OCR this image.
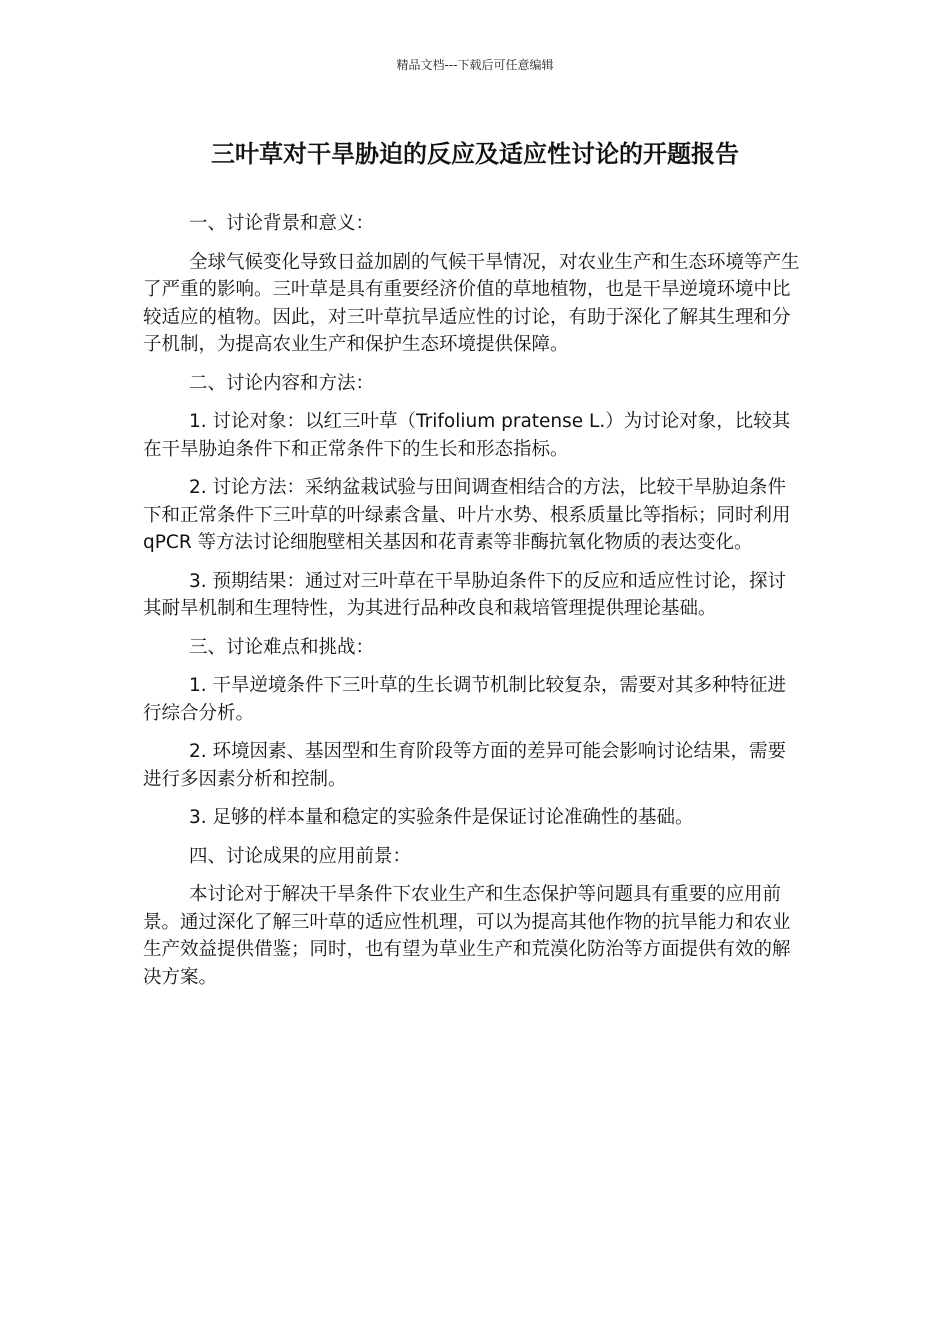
精品文档---下载后可任意编辑
三叶草对干旱胁迫的反应及适应性讨论的开题报告

一、讨论背景和意义：

全球气候变化导致日益加剧的气候干旱情况，对农业生产和生态环境等产生了严重的影响。三叶草是具有重要经济价值的草地植物，也是干旱逆境环境中比较适应的植物。因此，对三叶草抗旱适应性的讨论，有助于深化了解其生理和分子机制，为提高农业生产和保护生态环境提供保障。

二、讨论内容和方法：

1. 讨论对象：以红三叶草（Trifolium pratense L.）为讨论对象，比较其在干旱胁迫条件下和正常条件下的生长和形态指标。

2. 讨论方法：采纳盆栽试验与田间调查相结合的方法，比较干旱胁迫条件下和正常条件下三叶草的叶绿素含量、叶片水势、根系质量比等指标；同时利用 qPCR 等方法讨论细胞壁相关基因和花青素等非酶抗氧化物质的表达变化。

3. 预期结果：通过对三叶草在干旱胁迫条件下的反应和适应性讨论，探讨其耐旱机制和生理特性，为其进行品种改良和栽培管理提供理论基础。

三、讨论难点和挑战：

1. 干旱逆境条件下三叶草的生长调节机制比较复杂，需要对其多种特征进行综合分析。

2. 环境因素、基因型和生育阶段等方面的差异可能会影响讨论结果，需要进行多因素分析和控制。

3. 足够的样本量和稳定的实验条件是保证讨论准确性的基础。

四、讨论成果的应用前景：

本讨论对于解决干旱条件下农业生产和生态保护等问题具有重要的应用前景。通过深化了解三叶草的适应性机理，可以为提高其他作物的抗旱能力和农业生产效益提供借鉴；同时，也有望为草业生产和荒漠化防治等方面提供有效的解决方案。
